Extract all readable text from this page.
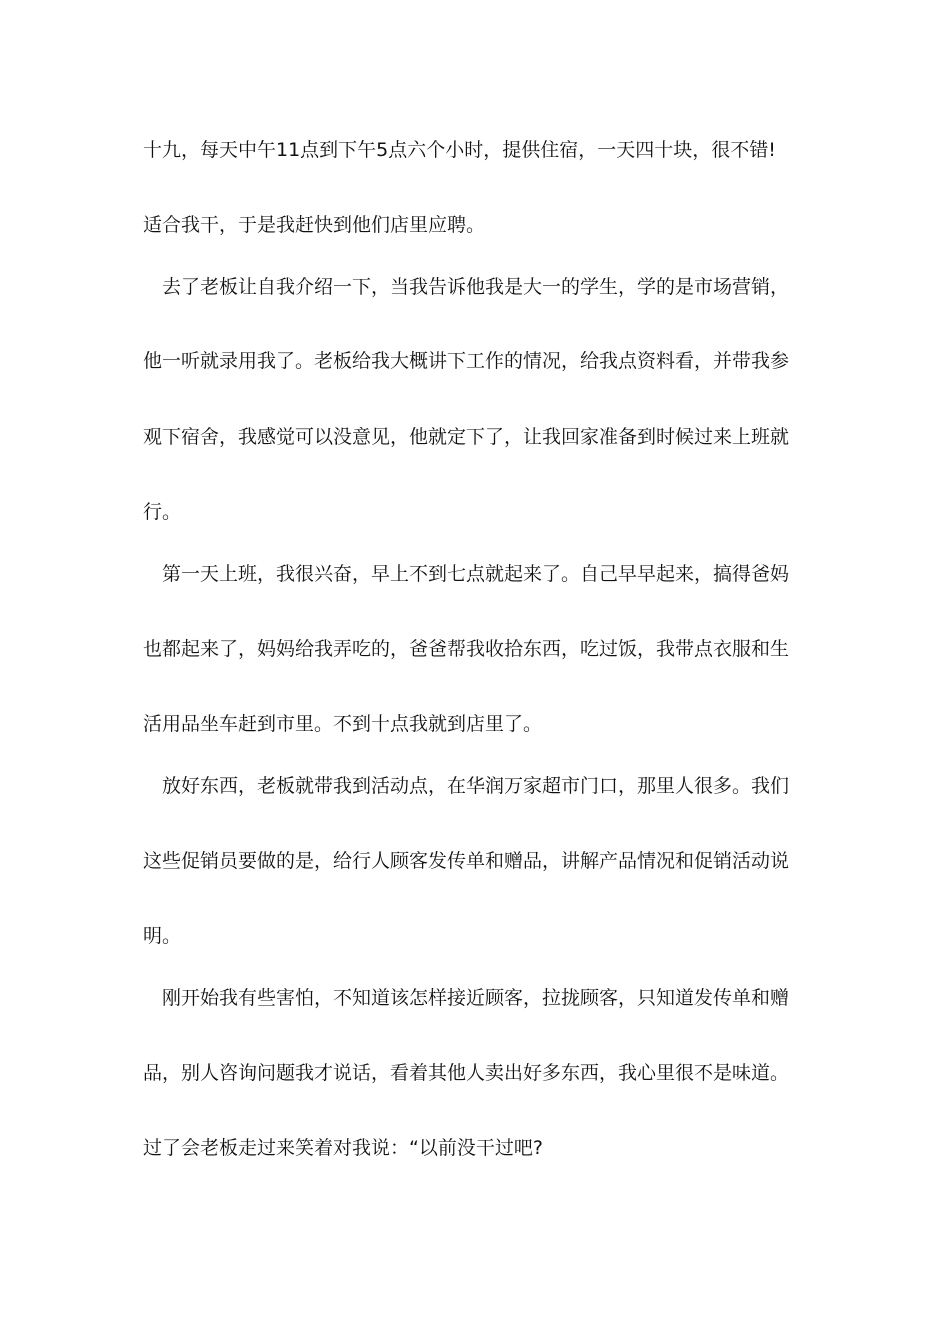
十九，每天中午11点到下午5点六个小时，提供住宿，一天四十块，很不错!
适合我干，于是我赶快到他们店里应聘。
去了老板让自我介绍一下，当我告诉他我是大一的学生，学的是市场营销，
他一听就录用我了。老板给我大概讲下工作的情况，给我点资料看，并带我参
观下宿舍，我感觉可以没意见，他就定下了，让我回家准备到时候过来上班就
行。
第一天上班，我很兴奋，早上不到七点就起来了。自己早早起来，搞得爸妈
也都起来了，妈妈给我弄吃的，爸爸帮我收拾东西，吃过饭，我带点衣服和生
活用品坐车赶到市里。不到十点我就到店里了。
放好东西，老板就带我到活动点，在华润万家超市门口，那里人很多。我们
这些促销员要做的是，给行人顾客发传单和赠品，讲解产品情况和促销活动说
明。
刚开始我有些害怕，不知道该怎样接近顾客，拉拢顾客，只知道发传单和赠
品，别人咨询问题我才说话，看着其他人卖出好多东西，我心里很不是味道。
过了会老板走过来笑着对我说：“以前没干过吧?
